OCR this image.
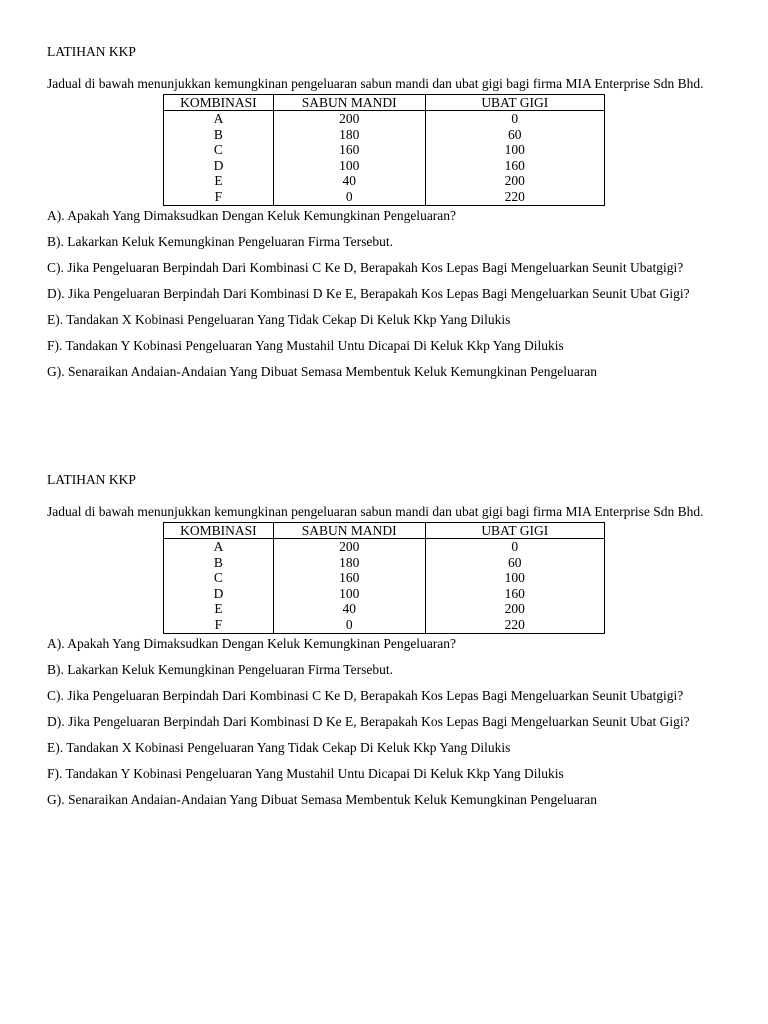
LATIHAN KKP

Jadual di bawah menunjukkan kemungkinan pengeluaran sabun mandi dan ubat gigi bagi firma MIA Enterprise Sdn Bhd.

KOMBINASI	SABUN MANDI	UBAT GIGI
A	200	0
B	180	60
C	160	100
D	100	160
E	40	200
F	0	220

A). Apakah Yang Dimaksudkan Dengan Keluk Kemungkinan Pengeluaran?

B). Lakarkan Keluk Kemungkinan Pengeluaran Firma Tersebut.

C). Jika Pengeluaran Berpindah Dari Kombinasi C Ke D, Berapakah Kos Lepas Bagi Mengeluarkan Seunit Ubatgigi?

D). Jika Pengeluaran Berpindah Dari Kombinasi D Ke E, Berapakah Kos Lepas Bagi Mengeluarkan Seunit Ubat Gigi?

E). Tandakan X Kobinasi Pengeluaran Yang Tidak Cekap Di Keluk Kkp Yang Dilukis

F). Tandakan Y Kobinasi Pengeluaran Yang Mustahil Untu Dicapai Di Keluk Kkp Yang Dilukis

G). Senaraikan Andaian-Andaian Yang Dibuat Semasa Membentuk Keluk Kemungkinan Pengeluaran

LATIHAN KKP

Jadual di bawah menunjukkan kemungkinan pengeluaran sabun mandi dan ubat gigi bagi firma MIA Enterprise Sdn Bhd.

KOMBINASI	SABUN MANDI	UBAT GIGI
A	200	0
B	180	60
C	160	100
D	100	160
E	40	200
F	0	220

A). Apakah Yang Dimaksudkan Dengan Keluk Kemungkinan Pengeluaran?

B). Lakarkan Keluk Kemungkinan Pengeluaran Firma Tersebut.

C). Jika Pengeluaran Berpindah Dari Kombinasi C Ke D, Berapakah Kos Lepas Bagi Mengeluarkan Seunit Ubatgigi?

D). Jika Pengeluaran Berpindah Dari Kombinasi D Ke E, Berapakah Kos Lepas Bagi Mengeluarkan Seunit Ubat Gigi?

E). Tandakan X Kobinasi Pengeluaran Yang Tidak Cekap Di Keluk Kkp Yang Dilukis

F). Tandakan Y Kobinasi Pengeluaran Yang Mustahil Untu Dicapai Di Keluk Kkp Yang Dilukis

G). Senaraikan Andaian-Andaian Yang Dibuat Semasa Membentuk Keluk Kemungkinan Pengeluaran
